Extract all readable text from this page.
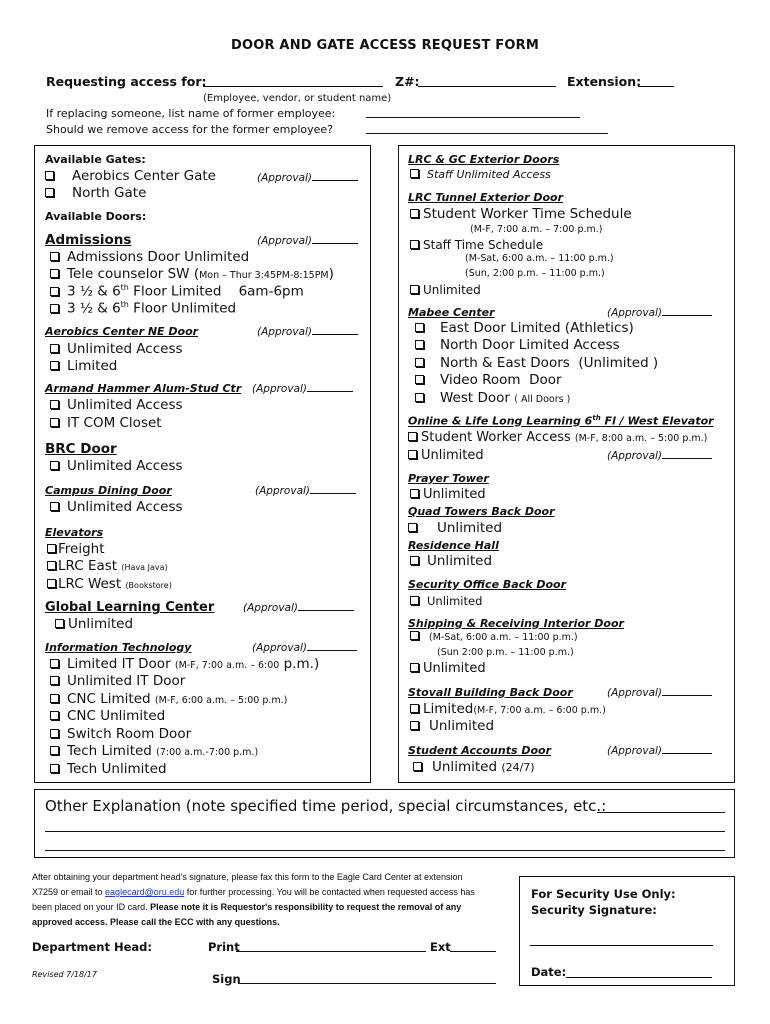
DOOR AND GATE ACCESS REQUEST FORM
Requesting access for:	Z#:	Extension:
(Employee, vendor, or student name)
If replacing someone, list name of former employee:
Should we remove access for the former employee?
Available Gates:
Aerobics Center Gate	(Approval)
North Gate
Available Doors:
Admissions	(Approval)
Admissions Door Unlimited
Tele counselor SW (Mon – Thur 3:45PM-8:15PM)
3 ½ & 6th Floor Limited    6am-6pm
3 ½ & 6th Floor Unlimited
Aerobics Center NE Door	(Approval)
Unlimited Access
Limited
Armand Hammer Alum-Stud Ctr (Approval)
Unlimited Access
IT COM Closet
BRC Door
Unlimited Access
Campus Dining Door	(Approval)
Unlimited Access
Elevators
Freight
LRC East (Hava Java)
LRC West (Bookstore)
Global Learning Center	(Approval)
Unlimited
Information Technology	(Approval)
Limited IT Door (M-F, 7:00 a.m. – 6:00 p.m.)
Unlimited IT Door
CNC Limited (M-F, 6:00 a.m. – 5:00 p.m.)
CNC Unlimited
Switch Room Door
Tech Limited (7:00 a.m.-7:00 p.m.)
Tech Unlimited
LRC & GC Exterior Doors
Staff Unlimited Access
LRC Tunnel Exterior Door
Student Worker Time Schedule
(M-F, 7:00 a.m. – 7:00 p.m.)
Staff Time Schedule
(M-Sat, 6:00 a.m. – 11:00 p.m.)
(Sun, 2:00 p.m. – 11:00 p.m.)
Unlimited
Mabee Center	(Approval)
East Door Limited (Athletics)
North Door Limited Access
North & East Doors  (Unlimited )
Video Room  Door
West Door ( All Doors )
Online & Life Long Learning 6th Fl / West Elevator
Student Worker Access (M-F, 8:00 a.m. – 5:00 p.m.)
Unlimited	(Approval)
Prayer Tower
Unlimited
Quad Towers Back Door
Unlimited
Residence Hall
Unlimited
Security Office Back Door
Unlimited
Shipping & Receiving Interior Door
(M-Sat, 6:00 a.m. – 11:00 p.m.)
(Sun 2:00 p.m. – 11:00 p.m.)
Unlimited
Stovall Building Back Door	(Approval)
Limited(M-F, 7:00 a.m. – 6:00 p.m.)
Unlimited
Student Accounts Door	(Approval)
Unlimited (24/7)
Other Explanation (note specified time period, special circumstances, etc.:
After obtaining your department head's signature, please fax this form to the Eagle Card Center at extension
X7259 or email to eaglecard@oru.edu for further processing. You will be contacted when requested access has
been placed on your ID card. Please note it is Requestor's responsibility to request the removal of any
approved access. Please call the ECC with any questions.
Department Head:	Print	Ext
Revised 7/18/17	Sign
For Security Use Only:
Security Signature:
Date:
